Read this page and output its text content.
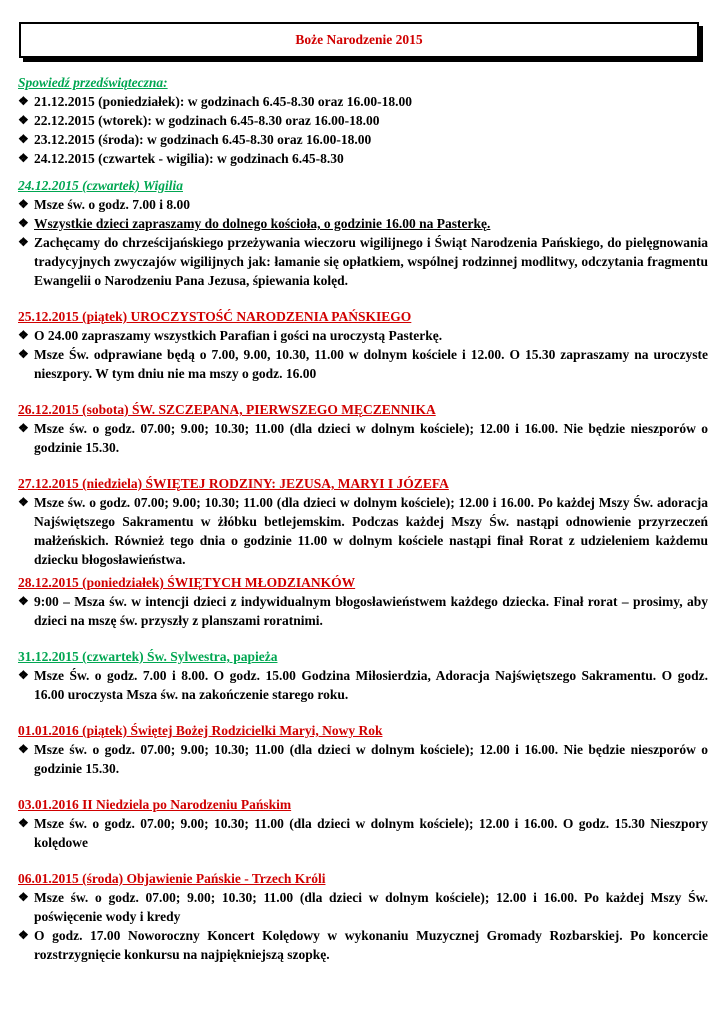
Boże Narodzenie 2015
Spowiedź przedświąteczna:
❖ 21.12.2015 (poniedziałek): w godzinach 6.45-8.30 oraz 16.00-18.00
❖ 22.12.2015 (wtorek): w godzinach 6.45-8.30 oraz 16.00-18.00
❖ 23.12.2015 (środa): w godzinach 6.45-8.30 oraz 16.00-18.00
❖ 24.12.2015 (czwartek - wigilia): w godzinach 6.45-8.30
24.12.2015 (czwartek) Wigilia
❖ Msze św. o godz. 7.00 i 8.00
❖ Wszystkie dzieci zapraszamy do dolnego kościoła, o godzinie 16.00 na Pasterkę.
❖ Zachęcamy do chrześcijańskiego przeżywania wieczoru wigilijnego i Świąt Narodzenia Pańskiego, do pielęgnowania tradycyjnych zwyczajów wigilijnych jak: łamanie się opłatkiem, wspólnej rodzinnej modlitwy, odczytania fragmentu Ewangelii o Narodzeniu Pana Jezusa, śpiewania kolęd.
25.12.2015 (piątek) UROCZYSTOŚĆ NARODZENIA PAŃSKIEGO
❖ O 24.00 zapraszamy wszystkich Parafian i gości na uroczystą Pasterkę.
❖ Msze Św. odprawiane będą o 7.00, 9.00, 10.30, 11.00 w dolnym kościele i 12.00. O 15.30 zapraszamy na uroczyste nieszpory. W tym dniu nie ma mszy o godz. 16.00
26.12.2015 (sobota) ŚW. SZCZEPANA, PIERWSZEGO MĘCZENNIKA
❖ Msze św. o godz. 07.00; 9.00; 10.30; 11.00 (dla dzieci w dolnym kościele); 12.00 i 16.00. Nie będzie nieszporów o godzinie 15.30.
27.12.2015 (niedziela) ŚWIĘTEJ RODZINY: JEZUSA, MARYI I JÓZEFA
❖ Msze św. o godz. 07.00; 9.00; 10.30; 11.00 (dla dzieci w dolnym kościele); 12.00 i 16.00. Po każdej Mszy Św. adoracja Najświętszego Sakramentu w żłóbku betlejemskim. Podczas każdej Mszy Św. nastąpi odnowienie przyrzeczeń małżeńskich. Również tego dnia o godzinie 11.00 w dolnym kościele nastąpi finał Rorat z udzieleniem każdemu dziecku błogosławieństwa.
28.12.2015 (poniedziałek) ŚWIĘTYCH MŁODZIANKÓW
❖ 9:00 – Msza św. w intencji dzieci z indywidualnym błogosławieństwem każdego dziecka. Finał rorat – prosimy, aby dzieci na mszę św. przyszły z planszami roratnimi.
31.12.2015 (czwartek) Św. Sylwestra, papieża
❖ Msze Św. o godz. 7.00 i 8.00. O godz. 15.00 Godzina Miłosierdzia, Adoracja Najświętszego Sakramentu. O godz. 16.00 uroczysta Msza św. na zakończenie starego roku.
01.01.2016 (piątek) Świętej Bożej Rodzicielki Maryi, Nowy Rok
❖ Msze św. o godz. 07.00; 9.00; 10.30; 11.00 (dla dzieci w dolnym kościele); 12.00 i 16.00. Nie będzie nieszporów o godzinie 15.30.
03.01.2016 II Niedziela po Narodzeniu Pańskim
❖ Msze św. o godz. 07.00; 9.00; 10.30; 11.00 (dla dzieci w dolnym kościele); 12.00 i 16.00. O godz. 15.30 Nieszpory kolędowe
06.01.2015 (środa) Objawienie Pańskie - Trzech Króli
❖ Msze św. o godz. 07.00; 9.00; 10.30; 11.00 (dla dzieci w dolnym kościele); 12.00 i 16.00. Po każdej Mszy Św. poświęcenie wody i kredy
❖ O godz. 17.00 Noworoczny Koncert Kolędowy w wykonaniu Muzycznej Gromady Rozbarskiej. Po koncercie rozstrzygnięcie konkursu na najpiękniejszą szopkę.
